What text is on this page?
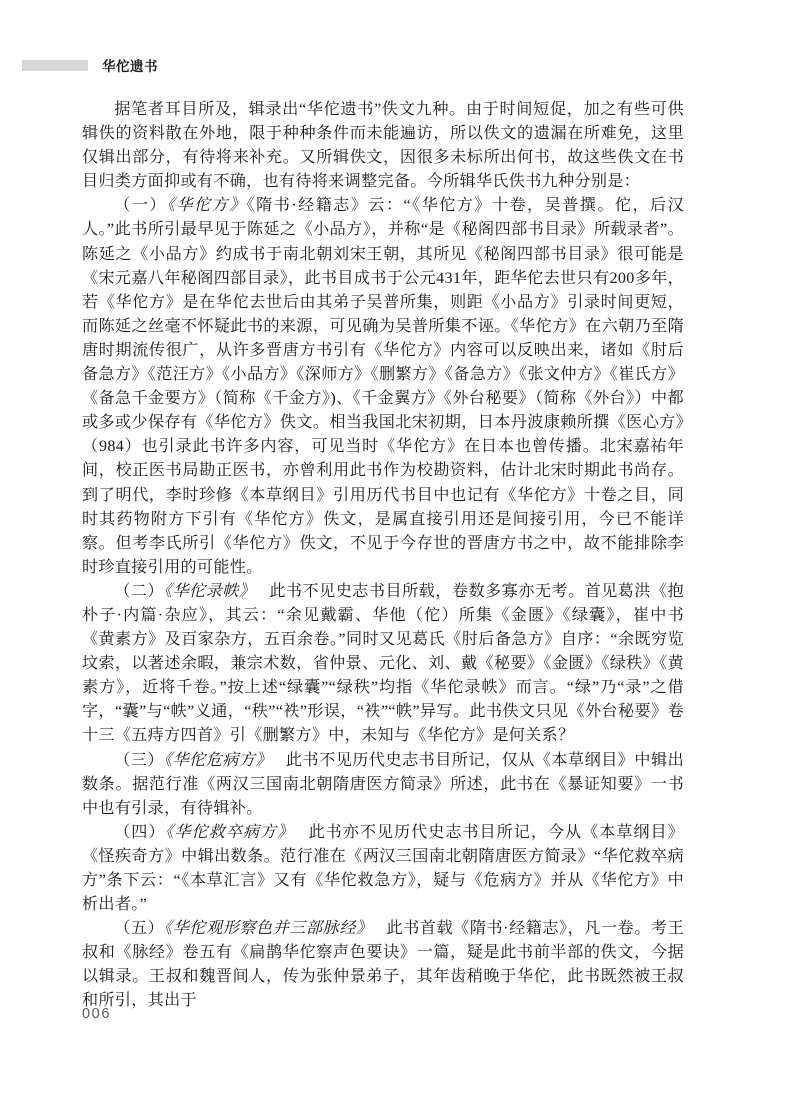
华佗遗书

据笔者耳目所及，辑录出“华佗遗书”佚文九种。由于时间短促，加之有些可供辑佚的资料散在外地，限于种种条件而未能遍访，所以佚文的遗漏在所难免，这里仅辑出部分，有待将来补充。又所辑佚文，因很多未标所出何书，故这些佚文在书目归类方面抑或有不确，也有待将来调整完备。今所辑华氏佚书九种分别是：

（一）《华佗方》《隋书·经籍志》云：“《华佗方》十卷，吴普撰。佗，后汉人。”此书所引最早见于陈延之《小品方》，并称“是《秘阁四部书目录》所载录者”。陈延之《小品方》约成书于南北朝刘宋王朝，其所见《秘阁四部书目录》很可能是《宋元嘉八年秘阁四部目录》，此书目成书于公元431年，距华佗去世只有200多年，若《华佗方》是在华佗去世后由其弟子吴普所集，则距《小品方》引录时间更短，而陈延之丝毫不怀疑此书的来源，可见确为吴普所集不诬。《华佗方》在六朝乃至隋唐时期流传很广，从许多晋唐方书引有《华佗方》内容可以反映出来，诸如《肘后备急方》《范汪方》《小品方》《深师方》《删繁方》《备急方》《张文仲方》《崔氏方》《备急千金要方》（简称《千金方》)、《千金翼方》《外台秘要》（简称《外台》）中都或多或少保存有《华佗方》佚文。相当我国北宋初期，日本丹波康赖所撰《医心方》（984）也引录此书许多内容，可见当时《华佗方》在日本也曾传播。北宋嘉祐年间，校正医书局勘正医书，亦曾利用此书作为校勘资料，估计北宋时期此书尚存。到了明代，李时珍修《本草纲目》引用历代书目中也记有《华佗方》十卷之目，同时其药物附方下引有《华佗方》佚文，是属直接引用还是间接引用，今已不能详察。但考李氏所引《华佗方》佚文，不见于今存世的晋唐方书之中，故不能排除李时珍直接引用的可能性。

（二）《华佗录帙》 此书不见史志书目所载，卷数多寡亦无考。首见葛洪《抱朴子·内篇·杂应》，其云：“余见戴霸、华他（佗）所集《金匮》《绿囊》，崔中书《黄素方》及百家杂方，五百余卷。”同时又见葛氏《肘后备急方》自序：“余既穷览坟索，以著述余暇，兼宗术数，省仲景、元化、刘、戴《秘要》《金匮》《绿秩》《黄素方》，近将千卷。”按上述“绿囊”“绿秩”均指《华佗录帙》而言。“绿”乃“录”之借字，“囊”与“帙”义通，“秩”“袟”形误，“袟”“帙”异写。此书佚文只见《外台秘要》卷十三《五痔方四首》引《删繁方》中，未知与《华佗方》是何关系？

（三）《华佗危病方》 此书不见历代史志书目所记，仅从《本草纲目》中辑出数条。据范行准《两汉三国南北朝隋唐医方简录》所述，此书在《暴证知要》一书中也有引录，有待辑补。

（四）《华佗救卒病方》 此书亦不见历代史志书目所记，今从《本草纲目》《怪疾奇方》中辑出数条。范行准在《两汉三国南北朝隋唐医方简录》“华佗救卒病方”条下云：“《本草汇言》又有《华佗救急方》，疑与《危病方》并从《华佗方》中析出者。”

（五）《华佗观形察色并三部脉经》 此书首载《隋书·经籍志》，凡一卷。考王叔和《脉经》卷五有《扁鹊华佗察声色要诀》一篇，疑是此书前半部的佚文，今据以辑录。王叔和魏晋间人，传为张仲景弟子，其年齿稍晚于华佗，此书既然被王叔和所引，其出于

006
